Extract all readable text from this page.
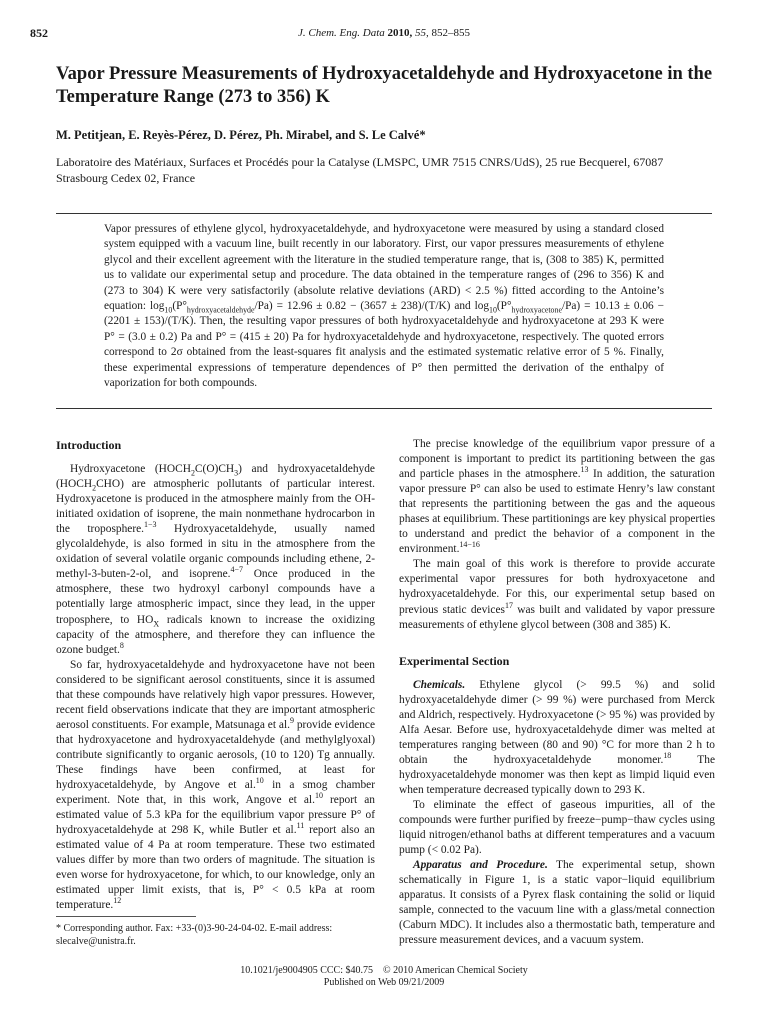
852	J. Chem. Eng. Data 2010, 55, 852–855
Vapor Pressure Measurements of Hydroxyacetaldehyde and Hydroxyacetone in the Temperature Range (273 to 356) K
M. Petitjean, E. Reyès-Pérez, D. Pérez, Ph. Mirabel, and S. Le Calvé*
Laboratoire des Matériaux, Surfaces et Procédés pour la Catalyse (LMSPC, UMR 7515 CNRS/UdS), 25 rue Becquerel, 67087 Strasbourg Cedex 02, France

Vapor pressures of ethylene glycol, hydroxyacetaldehyde, and hydroxyacetone were measured by using a standard closed system equipped with a vacuum line, built recently in our laboratory. First, our vapor pressures measurements of ethylene glycol and their excellent agreement with the literature in the studied temperature range, that is, (308 to 385) K, permitted us to validate our experimental setup and procedure. The data obtained in the temperature ranges of (296 to 356) K and (273 to 304) K were very satisfactorily (absolute relative deviations (ARD) < 2.5 %) fitted according to the Antoine’s equation: $\log_{10}(P^\circ_{hydroxyacetaldehyde}/Pa) = 12.96 \pm 0.82 - (3657 \pm 238)/(T/K)$ and $\log_{10}(P^\circ_{hydroxyacetone}/Pa) = 10.13 \pm 0.06 - (2201 \pm 153)/(T/K)$. Then, the resulting vapor pressures of both hydroxyacetaldehyde and hydroxyacetone at 293 K were P° = (3.0 ± 0.2) Pa and P° = (415 ± 20) Pa for hydroxyacetaldehyde and hydroxyacetone, respectively. The quoted errors correspond to 2σ obtained from the least-squares fit analysis and the estimated systematic relative error of 5 %. Finally, these experimental expressions of temperature dependences of P° then permitted the derivation of the enthalpy of vaporization for both compounds.

Introduction

Hydroxyacetone $(HOCH_2C(O)CH_3)$ and hydroxyacetaldehyde $(HOCH_2CHO)$ are atmospheric pollutants of particular interest. Hydroxyacetone is produced in the atmosphere mainly from the OH-initiated oxidation of isoprene, the main nonmethane hydrocarbon in the troposphere.$^{1-3}$ Hydroxyacetaldehyde, usually named glycolaldehyde, is also formed in situ in the atmosphere from the oxidation of several volatile organic compounds including ethene, 2-methyl-3-buten-2-ol, and isoprene.$^{4-7}$ Once produced in the atmosphere, these two hydroxyl carbonyl compounds have a potentially large atmospheric impact, since they lead, in the upper troposphere, to $HO_X$ radicals known to increase the oxidizing capacity of the atmosphere, and therefore they can influence the ozone budget.$^8$

So far, hydroxyacetaldehyde and hydroxyacetone have not been considered to be significant aerosol constituents, since it is assumed that these compounds have relatively high vapor pressures. However, recent field observations indicate that they are important atmospheric aerosol constituents. For example, Matsunaga et al.$^9$ provide evidence that hydroxyacetone and hydroxyacetaldehyde (and methylglyoxal) contribute significantly to organic aerosols, (10 to 120) Tg annually. These findings have been confirmed, at least for hydroxyacetaldehyde, by Angove et al.$^{10}$ in a smog chamber experiment. Note that, in this work, Angove et al.$^{10}$ report an estimated value of 5.3 kPa for the equilibrium vapor pressure P° of hydroxyacetaldehyde at 298 K, while Butler et al.$^{11}$ report also an estimated value of 4 Pa at room temperature. These two estimated values differ by more than two orders of magnitude. The situation is even worse for hydroxyacetone, for which, to our knowledge, only an estimated upper limit exists, that is, P° < 0.5 kPa at room temperature.$^{12}$

* Corresponding author. Fax: +33-(0)3-90-24-04-02. E-mail address: slecalve@unistra.fr.

The precise knowledge of the equilibrium vapor pressure of a component is important to predict its partitioning between the gas and particle phases in the atmosphere.$^{13}$ In addition, the saturation vapor pressure P° can also be used to estimate Henry’s law constant that represents the partitioning between the gas and the aqueous phases at equilibrium. These partitionings are key physical properties to understand and predict the behavior of a component in the environment.$^{14-16}$

The main goal of this work is therefore to provide accurate experimental vapor pressures for both hydroxyacetone and hydroxyacetaldehyde. For this, our experimental setup based on previous static devices$^{17}$ was built and validated by vapor pressure measurements of ethylene glycol between (308 and 385) K.

Experimental Section

Chemicals. Ethylene glycol (> 99.5 %) and solid hydroxyacetaldehyde dimer (> 99 %) were purchased from Merck and Aldrich, respectively. Hydroxyacetone (> 95 %) was provided by Alfa Aesar. Before use, hydroxyacetaldehyde dimer was melted at temperatures ranging between (80 and 90) °C for more than 2 h to obtain the hydroxyacetaldehyde monomer.$^{18}$ The hydroxyacetaldehyde monomer was then kept as limpid liquid even when temperature decreased typically down to 293 K.

To eliminate the effect of gaseous impurities, all of the compounds were further purified by freeze−pump−thaw cycles using liquid nitrogen/ethanol baths at different temperatures and a vacuum pump (< 0.02 Pa).

Apparatus and Procedure. The experimental setup, shown schematically in Figure 1, is a static vapor−liquid equilibrium apparatus. It consists of a Pyrex flask containing the solid or liquid sample, connected to the vacuum line with a glass/metal connection (Caburn MDC). It includes also a thermostatic bath, temperature and pressure measurement devices, and a vacuum system.

10.1021/je9004905 CCC: $40.75    © 2010 American Chemical Society
Published on Web 09/21/2009
